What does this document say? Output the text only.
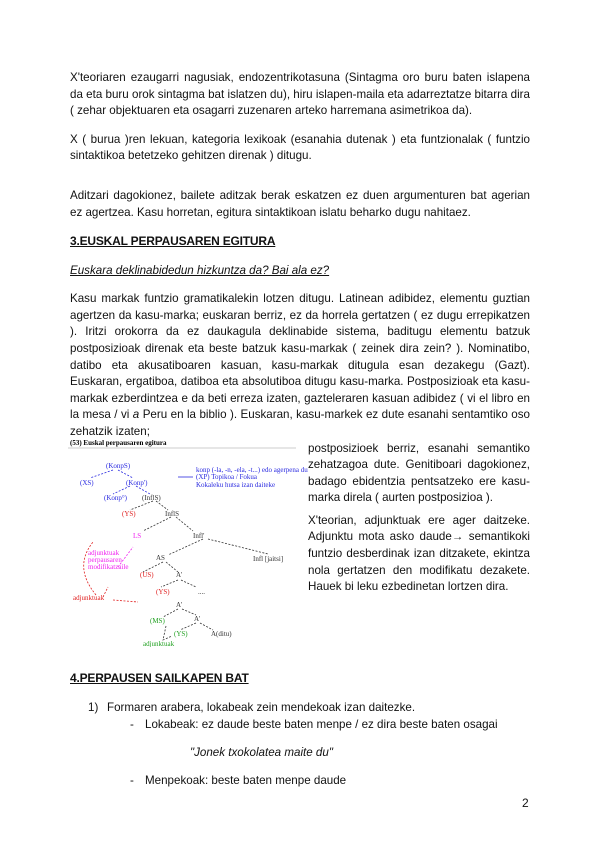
X'teoriaren ezaugarri nagusiak, endozentrikotasuna (Sintagma oro buru baten islapena da eta buru orok sintagma bat islatzen du), hiru islapen-maila eta adarreztatze bitarra dira ( zehar objektuaren eta osagarri zuzenaren arteko harremana asimetrikoa da).

X ( burua )ren lekuan, kategoria lexikoak (esanahia dutenak ) eta funtzionalak ( funtzio sintaktikoa betetzeko gehitzen direnak ) ditugu.

Aditzari dagokionez, bailete aditzak berak eskatzen ez duen argumenturen bat agerian ez agertzea. Kasu horretan, egitura sintaktikoan islatu beharko dugu nahitaez.

3.EUSKAL PERPAUSAREN EGITURA
Euskara deklinabidedun hizkuntza da? Bai ala ez?

Kasu markak funtzio gramatikalekin lotzen ditugu. Latinean adibidez, elementu guztian agertzen da kasu-marka; euskaran berriz, ez da horrela gertatzen ( ez dugu errepikatzen ). Iritzi orokorra da ez daukagula deklinabide sistema, baditugu elementu batzuk postposizioak direnak eta beste batzuk kasu-markak ( zeinek dira zein? ). Nominatibo, datibo eta akusatiboaren kasuan, kasu-markak ditugula esan dezakegu (Gazt). Euskaran, ergatiboa, datiboa eta absolutiboa ditugu kasu-marka. Postposizioak eta kasu-markak ezberdintzea e da beti erreza izaten, gazteleraren kasuan adibidez ( vi el libro en la mesa / vi a Peru en la biblio ). Euskaran, kasu-markek ez dute esanahi sentamtiko oso zehatzik izaten;

(53) Euskal perpausaren egitura
(KonpS)
(XS)	(Konp')
(Konp°)
konp (-la, -n, -ela, -t...) edo agerpena du
(XP) Topikoa / Fokua
Kokaleku hutsa izan daiteke
(InflS)
(YS)	InflS
LS	Infl'
AS	Infl [jaitsi]
(US)	A'
(YS)	....
A'
(MS)	A'
(YS)	A(ditu)
adjunktuak
adjunktuak
perpausaren
modifikatzaile
adjunktuak

postposizioek berriz, esanahi semantiko zehatzagoa dute. Genitiboari dagokionez, badago ebidentzia pentsatzeko ere kasu-marka direla ( aurten postposizioa ).

X'teorian, adjunktuak ere ager daitzeke. Adjunktu mota asko daude→ semantikoki funtzio desberdinak izan ditzakete, ekintza nola gertatzen den modifikatu dezakete. Hauek bi leku ezbedinetan lortzen dira.

4.PERPAUSEN SAILKAPEN BAT
1) Formaren arabera, lokabeak zein mendekoak izan daitezke.
- Lokabeak: ez daude beste baten menpe / ez dira beste baten osagai
"Jonek txokolatea maite du"
- Menpekoak: beste baten menpe daude
2
